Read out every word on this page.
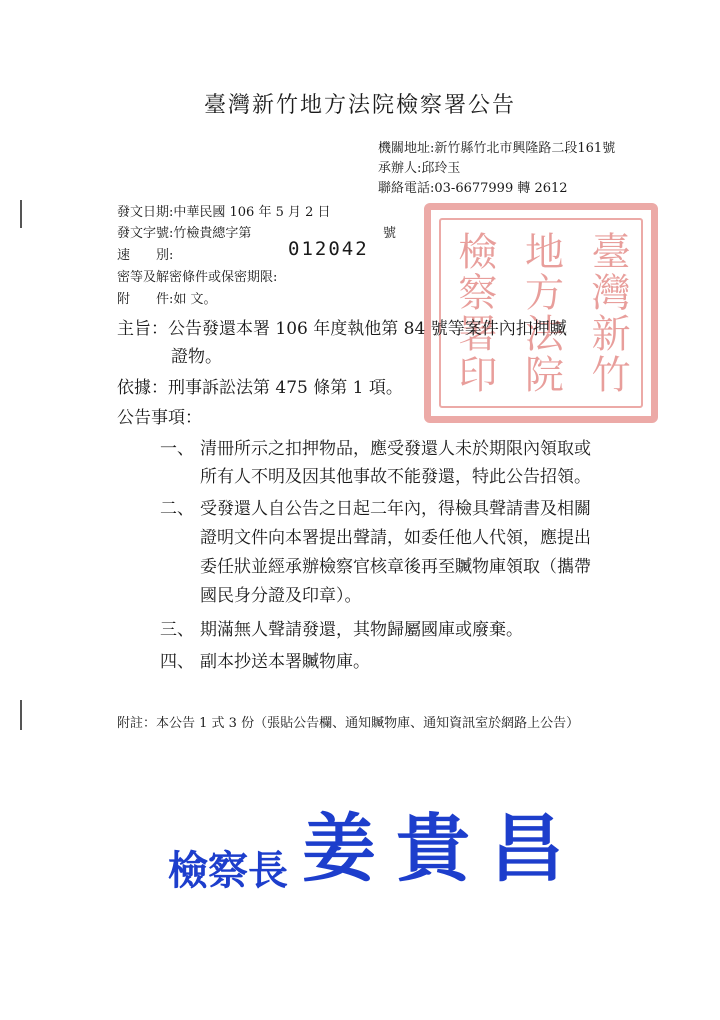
臺灣新竹地方法院檢察署公告
機關地址:新竹縣竹北市興隆路二段161號
承辦人:邱玲玉
聯絡電話:03-6677999 轉 2612
臺灣新竹
地方法院
檢察署印
發文日期:中華民國 106 年 5 月 2 日
發文字號:竹檢貴總字第	號
速　　別:	012042
密等及解密條件或保密期限:
附　　件:如 文。
主旨：公告發還本署 106 年度執他第 84 號等案件內扣押贓
證物。
依據：刑事訴訟法第 475 條第 1 項。
公告事項：
一、 清冊所示之扣押物品，應受發還人未於期限內領取或
所有人不明及因其他事故不能發還，特此公告招領。
二、 受發還人自公告之日起二年內，得檢具聲請書及相關
證明文件向本署提出聲請，如委任他人代領，應提出
委任狀並經承辦檢察官核章後再至贓物庫領取（攜帶
國民身分證及印章）。
三、 期滿無人聲請發還，其物歸屬國庫或廢棄。
四、 副本抄送本署贓物庫。
附註：本公告 1 式 3 份（張貼公告欄、通知贓物庫、通知資訊室於網路上公告）
檢察長 姜貴昌
